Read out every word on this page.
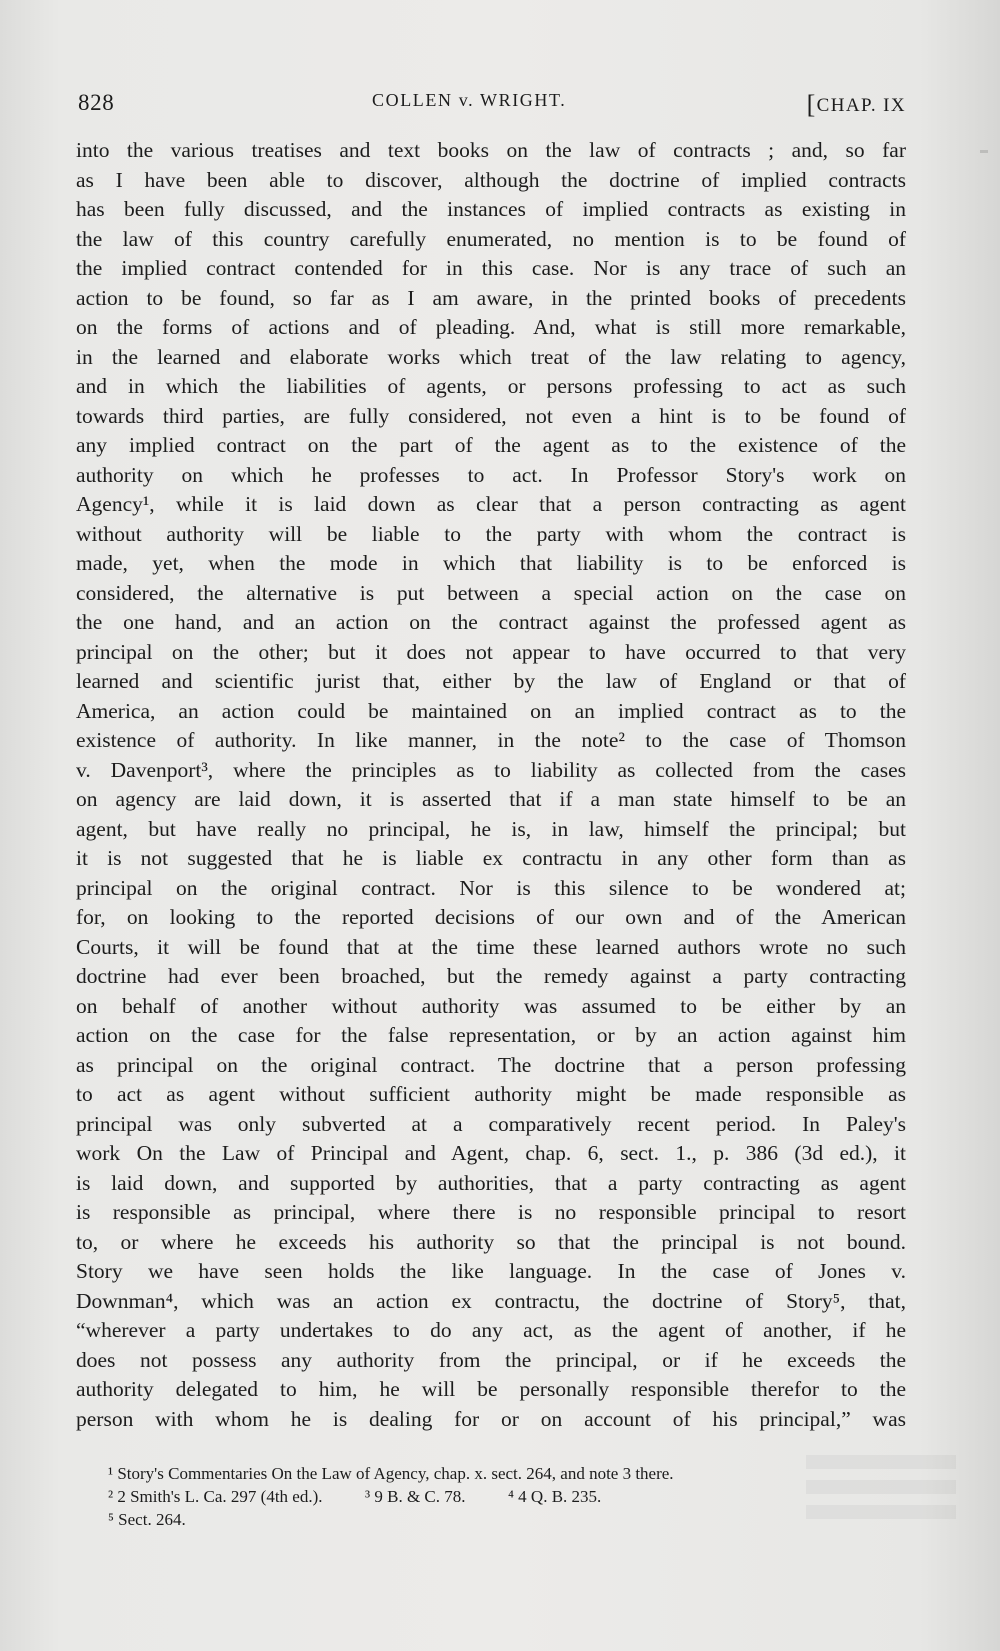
828	COLLEN v. WRIGHT.	[CHAP. IX
into the various treatises and text books on the law of contracts ; and, so far
as I have been able to discover, although the doctrine of implied contracts
has been fully discussed, and the instances of implied contracts as existing in
the law of this country carefully enumerated, no mention is to be found of
the implied contract contended for in this case. Nor is any trace of such an
action to be found, so far as I am aware, in the printed books of precedents
on the forms of actions and of pleading. And, what is still more remarkable,
in the learned and elaborate works which treat of the law relating to agency,
and in which the liabilities of agents, or persons professing to act as such
towards third parties, are fully considered, not even a hint is to be found of
any implied contract on the part of the agent as to the existence of the
authority on which he professes to act. In Professor Story's work on
Agency¹, while it is laid down as clear that a person contracting as agent
without authority will be liable to the party with whom the contract is
made, yet, when the mode in which that liability is to be enforced is
considered, the alternative is put between a special action on the case on
the one hand, and an action on the contract against the professed agent as
principal on the other; but it does not appear to have occurred to that very
learned and scientific jurist that, either by the law of England or that of
America, an action could be maintained on an implied contract as to the
existence of authority. In like manner, in the note² to the case of Thomson
v. Davenport³, where the principles as to liability as collected from the cases
on agency are laid down, it is asserted that if a man state himself to be an
agent, but have really no principal, he is, in law, himself the principal; but
it is not suggested that he is liable ex contractu in any other form than as
principal on the original contract. Nor is this silence to be wondered at;
for, on looking to the reported decisions of our own and of the American
Courts, it will be found that at the time these learned authors wrote no such
doctrine had ever been broached, but the remedy against a party contracting
on behalf of another without authority was assumed to be either by an
action on the case for the false representation, or by an action against him
as principal on the original contract. The doctrine that a person professing
to act as agent without sufficient authority might be made responsible as
principal was only subverted at a comparatively recent period. In Paley's
work On the Law of Principal and Agent, chap. 6, sect. 1., p. 386 (3d ed.), it
is laid down, and supported by authorities, that a party contracting as agent
is responsible as principal, where there is no responsible principal to resort
to, or where he exceeds his authority so that the principal is not bound.
Story we have seen holds the like language. In the case of Jones v.
Downman⁴, which was an action ex contractu, the doctrine of Story⁵, that,
“wherever a party undertakes to do any act, as the agent of another, if he
does not possess any authority from the principal, or if he exceeds the
authority delegated to him, he will be personally responsible therefor to the
person with whom he is dealing for or on account of his principal,” was
¹ Story's Commentaries On the Law of Agency, chap. x. sect. 264, and note 3 there.
² 2 Smith's L. Ca. 297 (4th ed.).          ³ 9 B. & C. 78.          ⁴ 4 Q. B. 235.
⁵ Sect. 264.
